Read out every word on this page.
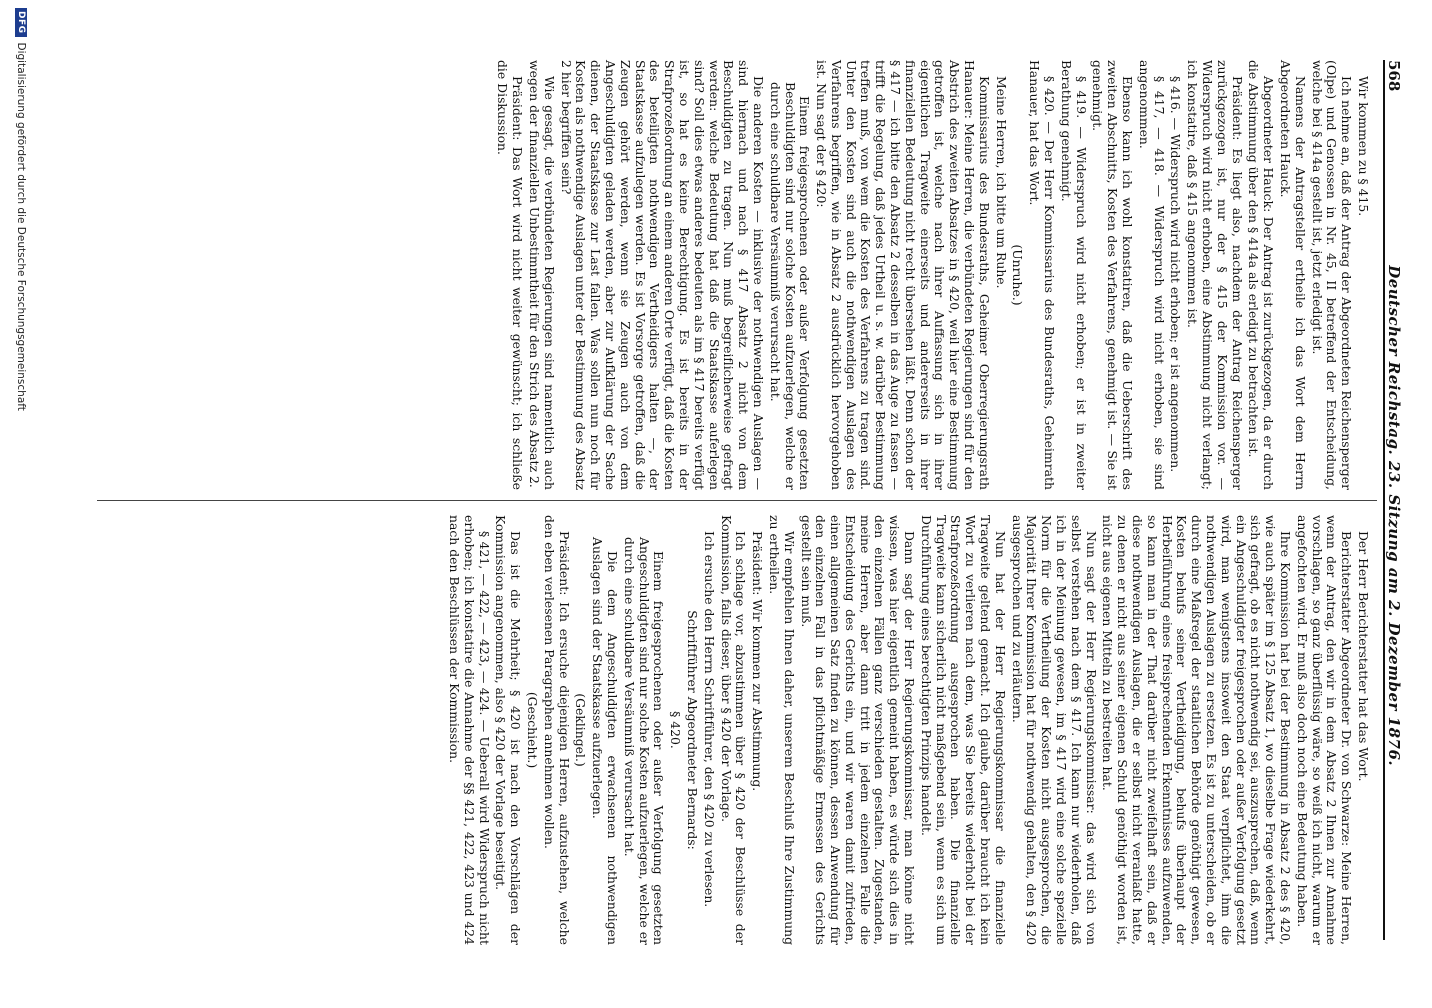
568
Deutscher Reichstag. 23. Sitzung am 2. Dezember 1876.

Wir kommen zu § 415.

Ich nehme an, daß der Antrag der Abgeordneten Reichensperger (Olpe) und Genossen in Nr. 45, II betreffend der Entscheidung, welche bei § 414a gestellt ist, jetzt erledigt ist.

Namens der Antragsteller ertheile ich das Wort dem Herrn Abgeordneten Hauck.

Abgeordneter Hauck: Der Antrag ist zurückgezogen, da er durch die Abstimmung über den § 414a als erledigt zu betrachten ist.

Präsident: Es liegt also, nachdem der Antrag Reichensperger zurückgezogen ist, nur der § 415 der Kommission vor. — Widerspruch wird nicht erhoben, eine Abstimmung nicht verlangt; ich konstatire, daß § 415 angenommen ist.

§ 416. — Widerspruch wird nicht erhoben; er ist angenommen.

§ 417, — 418. — Widerspruch wird nicht erhoben, sie sind angenommen.

Ebenso kann ich wohl konstatiren, daß die Ueberschrift des zweiten Abschnitts, Kosten des Verfahrens, genehmigt ist. — Sie ist genehmigt.

§ 419. — Widerspruch wird nicht erhoben; er ist in zweiter Berathung genehmigt.

§ 420. — Der Herr Kommissarius des Bundesraths, Geheimrath Hanauer, hat das Wort.

(Unruhe.)

Meine Herren, ich bitte um Ruhe.

Kommissarius des Bundesraths, Geheimer Oberregierungsrath Hanauer: Meine Herren, die verbündeten Regierungen sind für den Abstrich des zweiten Absatzes in § 420, weil hier eine Bestimmung getroffen ist, welche nach ihrer Auffassung sich in ihrer eigentlichen Tragweite einerseits und andererseits in ihrer finanziellen Bedeutung nicht recht übersehen läßt. Denn schon der § 417 — ich bitte den Absatz 2 desselben in das Auge zu fassen — trifft die Regelung, daß jedes Urtheil u. s. w. darüber Bestimmung treffen muß, von wem die Kosten des Verfahrens zu tragen sind. Unter den Kosten sind auch die nothwendigen Auslagen des Verfahrens begriffen, wie in Absatz 2 ausdrücklich hervorgehoben ist. Nun sagt der § 420:

Einem freigesprochenen oder außer Verfolgung gesetzten Beschuldigten sind nur solche Kosten aufzuerlegen, welche er durch eine schuldbare Versäumniß verursacht hat.

Die anderen Kosten — inklusive der nothwendigen Auslagen — sind hiernach und nach § 417 Absatz 2 nicht von dem Beschuldigten zu tragen. Nun muß begreiflicherweise gefragt werden: welche Bedeutung hat daß die Staatskasse auferlegen sind? Soll dies etwas anderes bedeuten als im § 417 bereits verfügt ist, so hat es keine Berechtigung. Es ist bereits in der Strafprozeßordnung an einem anderen Orte verfügt, daß die Kosten des beteiligten nothwendigen Vertheidigers halten —, der Staatskasse aufzulegen werden. Es ist Vorsorge getroffen, daß die Zeugen gehört werden, wenn sie Zeugen auch von dem Angeschuldigten geladen werden, aber zur Aufklärung der Sache dienen, der Staatskasse zur Last fallen. Was sollen nun noch für Kosten als nothwendige Auslagen unter der Bestimmung des Absatz 2 hier begriffen sein?

Wie gesagt, die verbündeten Regierungen sind namentlich auch wegen der finanziellen Unbestimmtheit für den Strich des Absatz 2.

Präsident: Das Wort wird nicht weiter gewünscht; ich schließe die Diskussion.

Der Herr Berichterstatter hat das Wort.

Berichterstatter Abgeordneter Dr. von Schwarze: Meine Herren, wenn der Antrag, den wir in dem Absatz 2 Ihnen zur Annahme vorschlagen, so ganz überflüssig wäre, so weiß ich nicht, warum er angefochten wird. Er muß also doch noch eine Bedeutung haben.

Ihre Kommission hat bei der Bestimmung in Absatz 2 des § 420, wie auch später im § 125 Absatz 1, wo dieselbe Frage wiederkehrt, sich gefragt, ob es nicht nothwendig sei, auszusprechen, daß, wenn ein Angeschuldigter freigesprochen oder außer Verfolgung gesetzt wird, man wenigstens insoweit den Staat verpflichtet, ihm die nothwendigen Auslagen zu ersetzen. Es ist zu unterscheiden, ob er durch eine Maßregel der staatlichen Behörde genöthigt gewesen, Kosten behufs seiner Vertheidigung, behufs überhaupt der Herbeiführung eines freisprechenden Erkenntnisses aufzuwenden, so kann man in der That darüber nicht zweifelhaft sein, daß er diese nothwendigen Auslagen, die er selbst nicht veranlaßt hatte, zu denen er nicht aus seiner eigenen Schuld genöthigt worden ist, nicht aus eigenen Mitteln zu bestreiten hat.

Nun sagt der Herr Regierungskommissar: das wird sich von selbst verstehen nach dem § 417. Ich kann nur wiederholen, daß ich in der Meinung gewesen, im § 417 wird eine solche spezielle Norm für die Vertheilung der Kosten nicht ausgesprochen, die Majorität Ihrer Kommission hat für nothwendig gehalten, den § 420 ausgesprochen und zu erläutern.

Nun hat der Herr Regierungskommissar die finanzielle Tragweite geltend gemacht. Ich glaube, darüber braucht ich kein Wort zu verlieren nach dem, was Sie bereits wiederholt bei der Strafprozeßordnung ausgesprochen haben. Die finanzielle Tragweite kann sicherlich nicht maßgebend sein, wenn es sich um Durchführung eines berechtigten Prinzips handelt.

Dann sagt der Herr Regierungskommissar, man könne nicht wissen, was hier eigentlich gemeint haben, es würde sich dies in den einzelnen Fällen ganz verschieden gestalten. Zugestanden, meine Herren, aber dann tritt in jedem einzelnen Falle die Entscheidung des Gerichts ein, und wir waren damit zufrieden, einen allgemeinen Satz finden zu können, dessen Anwendung für den einzelnen Fall in das pflichtmäßige Ermessen des Gerichts gestellt sein muß.

Wir empfehlen Ihnen daher, unserem Beschluß Ihre Zustimmung zu ertheilen.

Präsident: Wir kommen zur Abstimmung.

Ich schlage vor, abzustimmen über § 420 der Beschlüsse der Kommission, falls dieser, über § 420 der Vorlage.

Ich ersuche den Herrn Schriftführer, den § 420 zu verlesen.

Schriftführer Abgeordneter Bernards:

§ 420.

Einem freigesprochenen oder außer Verfolgung gesetzten Angeschuldigten sind nur solche Kosten aufzuerlegen, welche er durch eine schuldbare Versäumniß verursacht hat.

Die dem Angeschuldigten erwachsenen nothwendigen Auslagen sind der Staatskasse aufzuerlegen.

(Geklingel.)

Präsident: Ich ersuche diejenigen Herren, aufzustehen, welche den eben verlesenen Paragraphen annehmen wollen.

(Geschieht.)

Das ist die Mehrheit; § 420 ist nach den Vorschlägen der Kommission angenommen, also § 420 der Vorlage beseitigt.

§ 421, — 422, — 423, — 424. — Ueberall wird Widerspruch nicht erhoben; ich konstatire die Annahme der §§ 421, 422, 423 und 424 nach den Beschlüssen der Kommission.

DFG
Digitalisierung gefördert durch die Deutsche Forschungsgemeinschaft
